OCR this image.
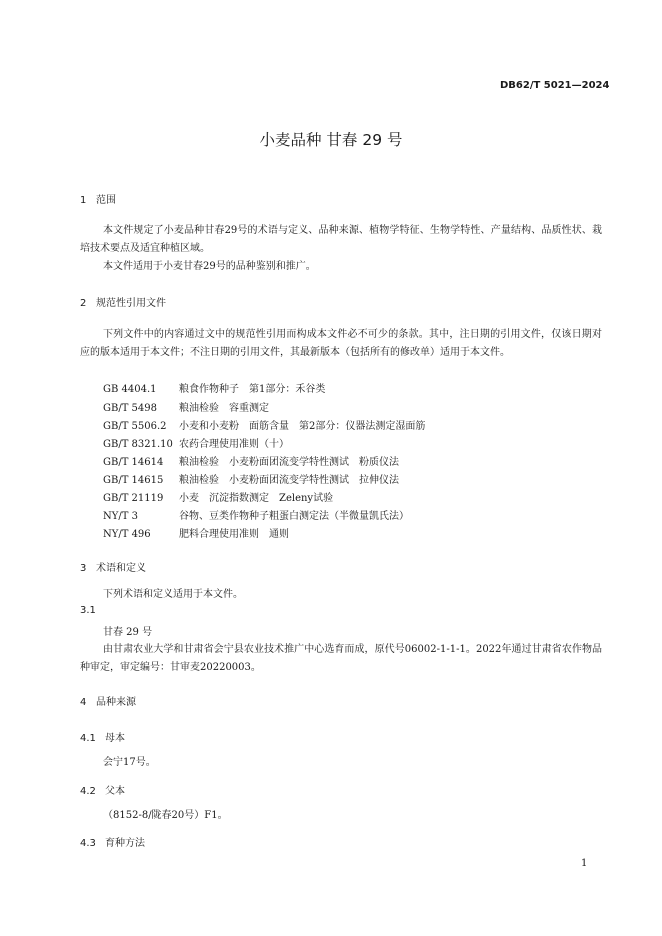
DB62/T 5021—2024
小麦品种 甘春 29 号
1 范围
本文件规定了小麦品种甘春29号的术语与定义、品种来源、植物学特征、生物学特性、产量结构、品质性状、栽培技术要点及适宜种植区域。
本文件适用于小麦甘春29号的品种鉴别和推广。
2 规范性引用文件
下列文件中的内容通过文中的规范性引用而构成本文件必不可少的条款。其中，注日期的引用文件，仅该日期对应的版本适用于本文件；不注日期的引用文件，其最新版本（包括所有的修改单）适用于本文件。
GB 4404.1 粮食作物种子　第1部分：禾谷类
GB/T 5498 粮油检验　容重测定
GB/T 5506.2 小麦和小麦粉　面筋含量　第2部分：仪器法测定湿面筋
GB/T 8321.10 农药合理使用准则（十）
GB/T 14614 粮油检验　小麦粉面团流变学特性测试　粉质仪法
GB/T 14615 粮油检验　小麦粉面团流变学特性测试　拉伸仪法
GB/T 21119 小麦　沉淀指数测定　Zeleny试验
NY/T 3	谷物、豆类作物种子粗蛋白测定法（半微量凯氏法）
NY/T 496	肥料合理使用准则　通则
3 术语和定义
下列术语和定义适用于本文件。
3.1
甘春 29 号
由甘肃农业大学和甘肃省会宁县农业技术推广中心选育而成，原代号06002-1-1-1。2022年通过甘肃省农作物品种审定，审定编号：甘审麦20220003。
4 品种来源
4.1 母本
会宁17号。
4.2 父本
（8152-8/陇春20号）F1。
4.3 育种方法
1
